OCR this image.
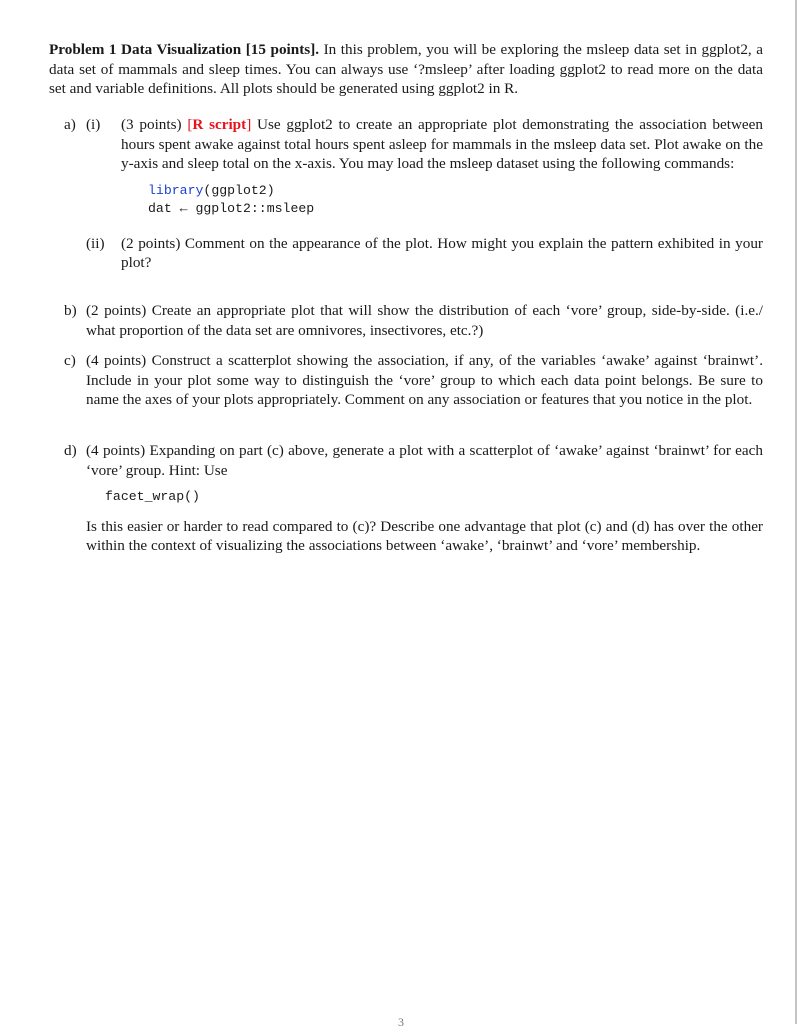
Problem 1 Data Visualization [15 points]. In this problem, you will be exploring the msleep data set in ggplot2, a data set of mammals and sleep times. You can always use ‘?msleep’ after loading ggplot2 to read more on the data set and variable definitions. All plots should be generated using ggplot2 in R.
a) (i) (3 points) [R script] Use ggplot2 to create an appropriate plot demonstrating the association between hours spent awake against total hours spent asleep for mammals in the msleep data set. Plot awake on the y-axis and sleep total on the x-axis. You may load the msleep dataset using the following commands:
library(ggplot2)
dat ← ggplot2::msleep
(ii) (2 points) Comment on the appearance of the plot. How might you explain the pattern exhibited in your plot?
b) (2 points) Create an appropriate plot that will show the distribution of each ‘vore’ group, side-by-side. (i.e./ what proportion of the data set are omnivores, insectivores, etc.?)
c) (4 points) Construct a scatterplot showing the association, if any, of the variables ‘awake’ against ‘brainwt’. Include in your plot some way to distinguish the ‘vore’ group to which each data point belongs. Be sure to name the axes of your plots appropriately. Comment on any association or features that you notice in the plot.
d) (4 points) Expanding on part (c) above, generate a plot with a scatterplot of ‘awake’ against ‘brainwt’ for each ‘vore’ group. Hint: Use
facet_wrap()
Is this easier or harder to read compared to (c)? Describe one advantage that plot (c) and (d) has over the other within the context of visualizing the associations between ‘awake’, ‘brainwt’ and ‘vore’ membership.
3
